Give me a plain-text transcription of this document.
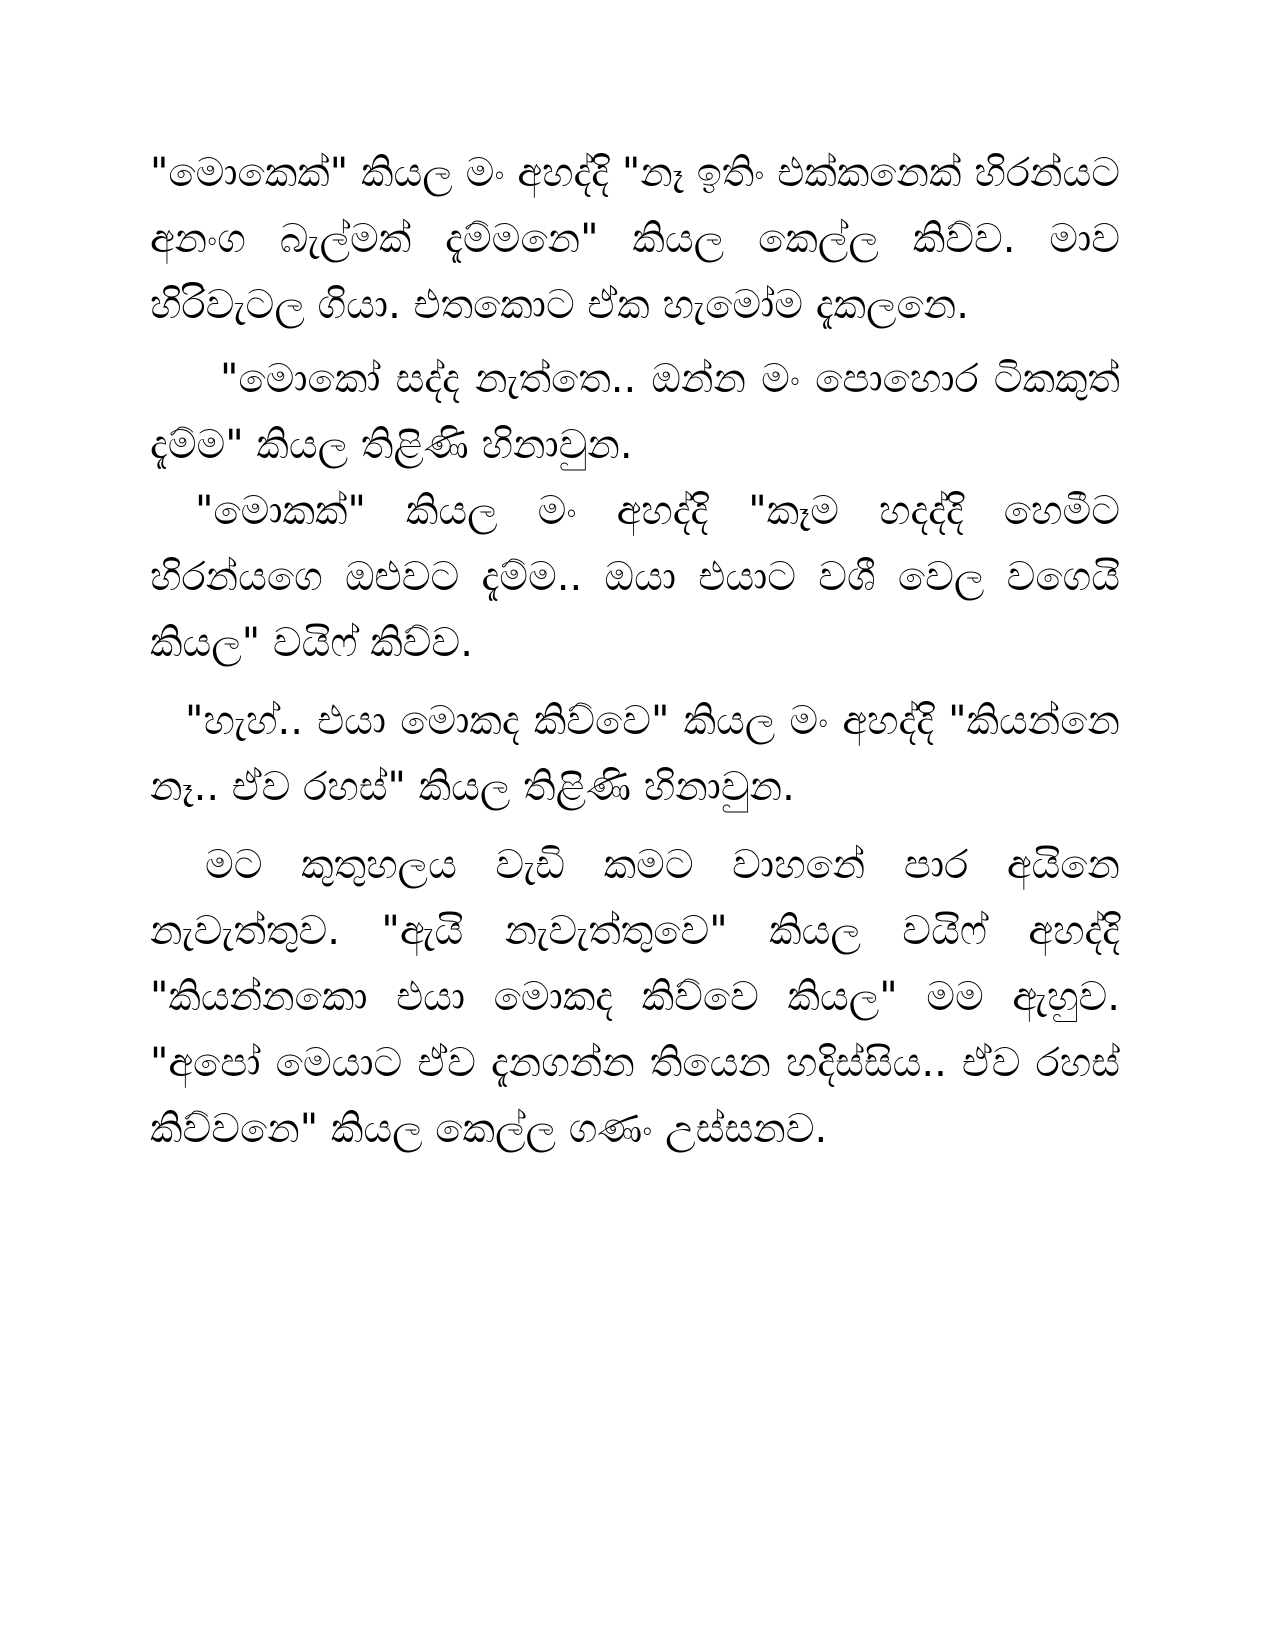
"මොකෙක්" කියල මං අහද්දි "නෑ ඉතිං එක්කනෙක් හිරන්යට අනංග බැල්මක් දැම්මනෙ" කියල කෙල්ල කිව්ව. මාව හිරිවැටල ගියා. එතකොට ඒක හැමෝම දැකලනෙ.

"මොකෝ සද්ද නැත්තෙ.. ඔන්න මං පොහොර ටිකකුත් දැම්ම" කියල තිළිණි හිනාවුන.

"මොකක්" කියල මං අහද්දි "කෑම හදද්දි හෙමීට හිරන්යගෙ ඔළුවට දැම්ම.. ඔයා එයාට වශී වෙල වගෙයි කියල" වයිෆ් කිව්ව.

"හැහ්.. එයා මොකද කිව්වෙ" කියල මං අහද්දි "කියන්නෙ නෑ.. ඒව රහස්" කියල තිළිණි හිනාවුන.

මට කුතුහලය වැඩි කමට වාහනේ පාර අයිනෙ නැවැත්තුව. "ඇයි නැවැත්තුවෙ" කියල වයිෆ් අහද්දි "කියන්නකො එයා මොකද කිව්වෙ කියල" මම ඇහුව. "අපෝ මෙයාට ඒව දැනගන්න තියෙන හදිස්සිය.. ඒව රහස් කිව්වනෙ" කියල කෙල්ල ගණං උස්සනව.
